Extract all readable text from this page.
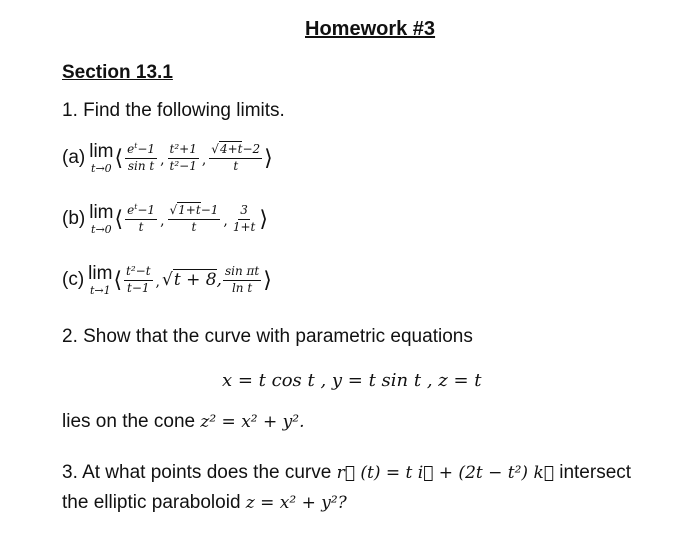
Homework #3
Section 13.1
1. Find the following limits.
(a) lim
t→0 ⟨ $\frac{e^t-1}{\text{sin t}}$ , $\frac{\text{t²+1}}{\text{t²−1}}$ , $\frac{√4+t-2}{t}$ ⟩
(b) lim
t→0 ⟨ $\frac{e^t-1}{t}$ , $\frac{√1+t-1}{t}$ , $\frac{3}{1+t}$ ⟩
(c) lim
t→1 ⟨ $\frac{\text{t²−t}}{t-1}$ , √t + 8, $\frac{\text{sin πt}}{\text{ln t}}$ ⟩
2. Show that the curve with parametric equations
x = t cos t , y = t sin t , z = t
lies on the cone z² = x² + y².
3. At what points does the curve r⃗ (t) = t i⃗ + (2t − t²) k⃗ intersect
the elliptic paraboloid z = x² + y²?
